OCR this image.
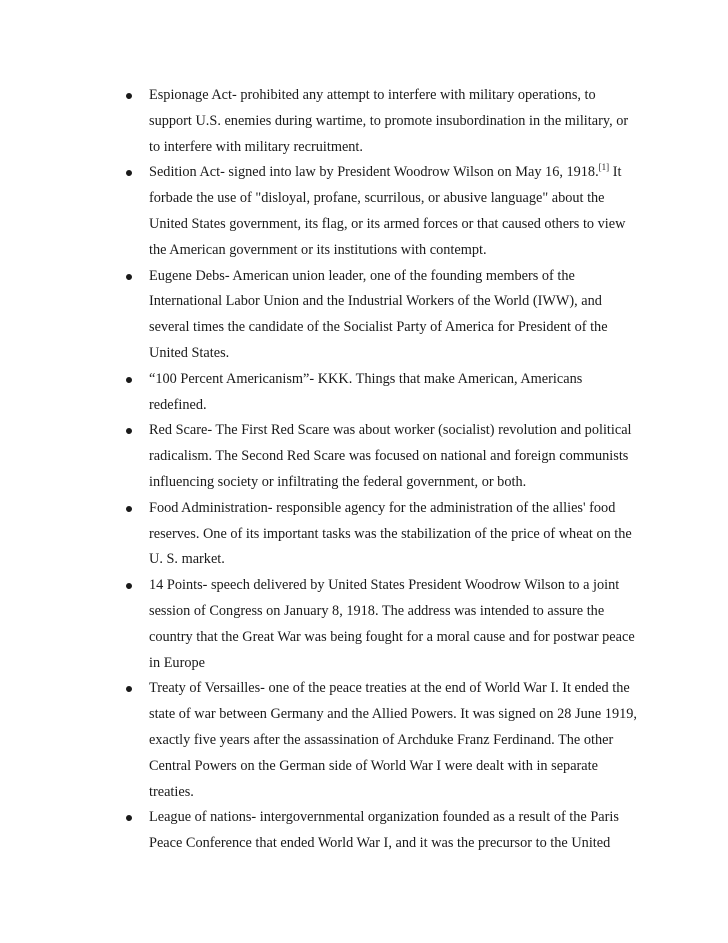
Espionage Act- prohibited any attempt to interfere with military operations, to support U.S. enemies during wartime, to promote insubordination in the military, or to interfere with military recruitment.
Sedition Act- signed into law by President Woodrow Wilson on May 16, 1918.[1] It forbade the use of "disloyal, profane, scurrilous, or abusive language" about the United States government, its flag, or its armed forces or that caused others to view the American government or its institutions with contempt.
Eugene Debs- American union leader, one of the founding members of the International Labor Union and the Industrial Workers of the World (IWW), and several times the candidate of the Socialist Party of America for President of the United States.
“100 Percent Americanism”- KKK. Things that make American, Americans redefined.
Red Scare- The First Red Scare was about worker (socialist) revolution and political radicalism. The Second Red Scare was focused on national and foreign communists influencing society or infiltrating the federal government, or both.
Food Administration- responsible agency for the administration of the allies' food reserves. One of its important tasks was the stabilization of the price of wheat on the U. S. market.
14 Points- speech delivered by United States President Woodrow Wilson to a joint session of Congress on January 8, 1918. The address was intended to assure the country that the Great War was being fought for a moral cause and for postwar peace in Europe
Treaty of Versailles- one of the peace treaties at the end of World War I. It ended the state of war between Germany and the Allied Powers. It was signed on 28 June 1919, exactly five years after the assassination of Archduke Franz Ferdinand. The other Central Powers on the German side of World War I were dealt with in separate treaties.
League of nations- intergovernmental organization founded as a result of the Paris Peace Conference that ended World War I, and it was the precursor to the United
